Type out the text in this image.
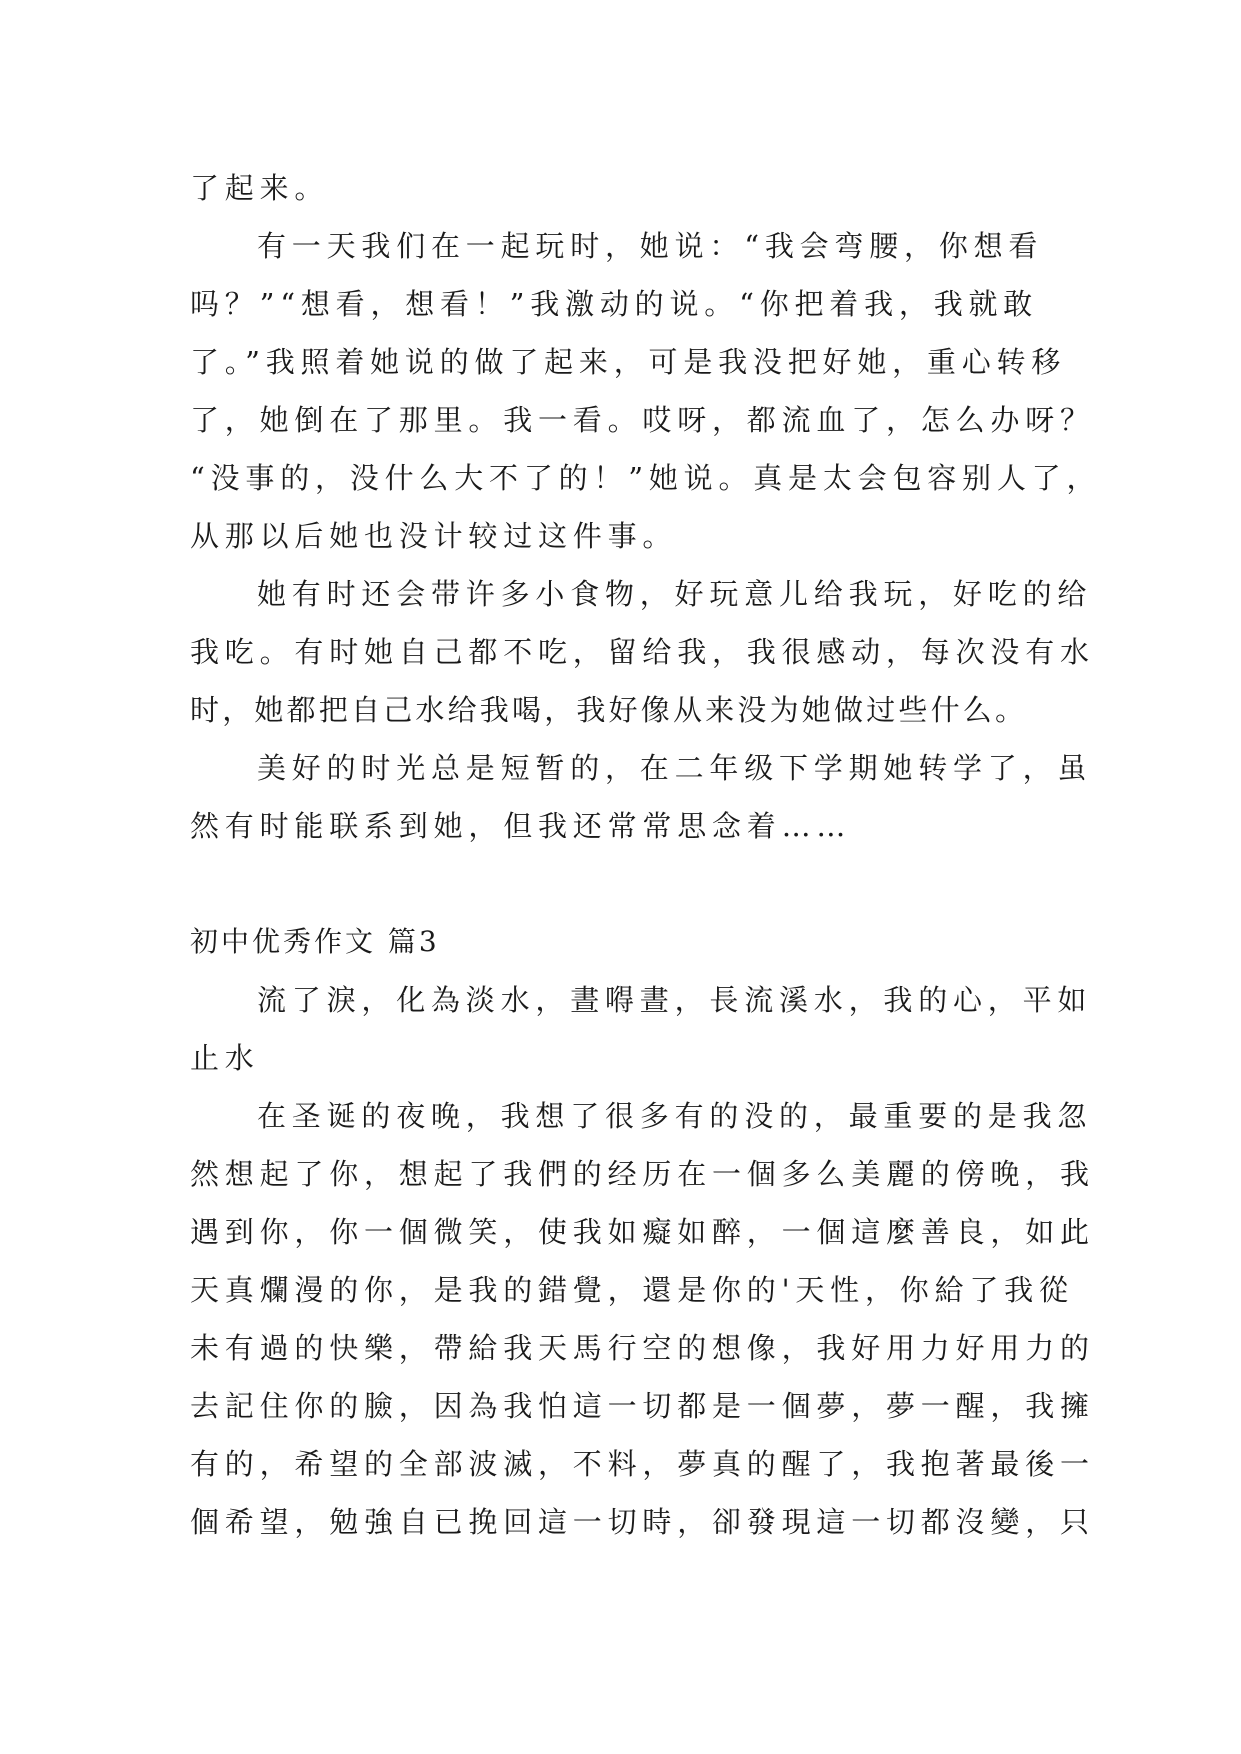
了起来。
有一天我们在一起玩时，她说：“我会弯腰，你想看
吗？”“想看，想看！”我激动的说。“你把着我，我就敢
了。”我照着她说的做了起来，可是我没把好她，重心转移
了，她倒在了那里。我一看。哎呀，都流血了，怎么办呀？
“没事的，没什么大不了的！”她说。真是太会包容别人了，
从那以后她也没计较过这件事。
她有时还会带许多小食物，好玩意儿给我玩，好吃的给
我吃。有时她自己都不吃，留给我，我很感动，每次没有水
时，她都把自己水给我喝，我好像从来没为她做过些什么。
美好的时光总是短暂的，在二年级下学期她转学了，虽
然有时能联系到她，但我还常常思念着……
初中优秀作文 篇3
流了淚，化為淡水，晝嘚晝，長流溪水，我的心，平如
止水
在圣诞的夜晚，我想了很多有的没的，最重要的是我忽
然想起了你，想起了我們的经历在一個多么美麗的傍晚，我
遇到你，你一個微笑，使我如癡如醉，一個這麼善良，如此
天真爛漫的你，是我的錯覺，還是你的'天性，你給了我從
未有過的快樂，帶給我天馬行空的想像，我好用力好用力的
去記住你的臉，因為我怕這一切都是一個夢，夢一醒，我擁
有的，希望的全部波滅，不料，夢真的醒了，我抱著最後一
個希望，勉強自已挽回這一切時，卻發現這一切都沒變，只
